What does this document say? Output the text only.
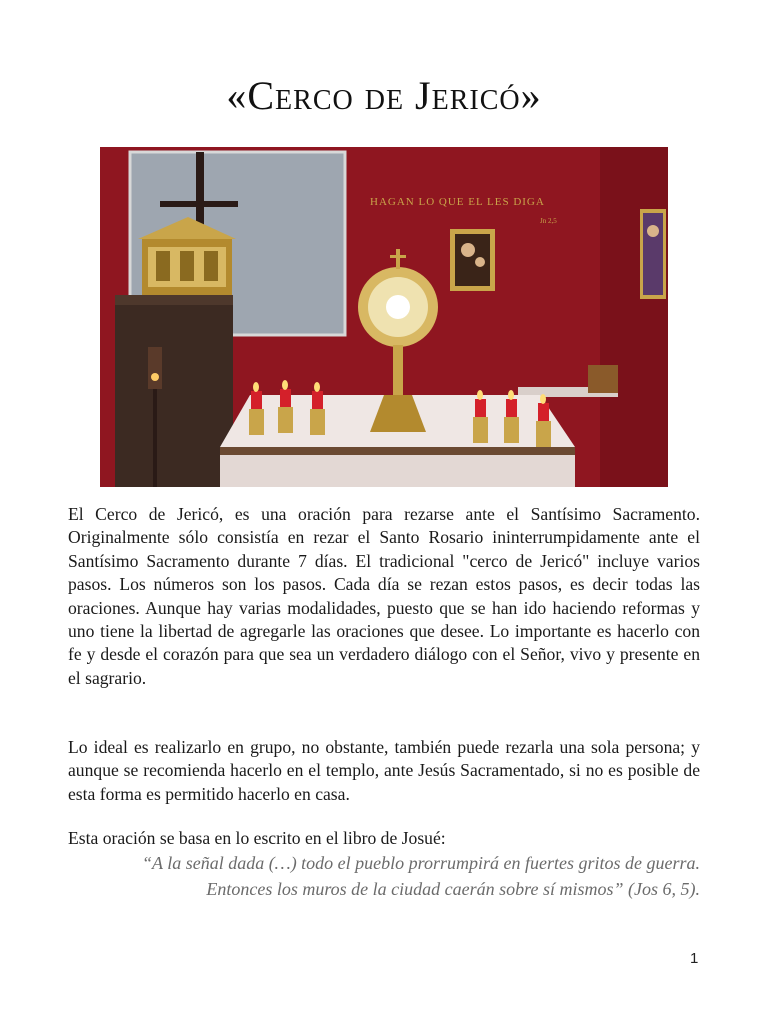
«Cerco de Jericó»
HAGAN LO QUE EL LES DIGA
Jn 2,5

El Cerco de Jericó, es una oración para rezarse ante el Santísimo Sacramento. Originalmente sólo consistía en rezar el Santo Rosario ininterrumpidamente ante el Santísimo Sacramento durante 7 días. El tradicional "cerco de Jericó" incluye varios pasos. Los números son los pasos. Cada día se rezan estos pasos, es decir todas las oraciones. Aunque hay varias modalidades, puesto que se han ido haciendo reformas y uno tiene la libertad de agregarle las oraciones que desee. Lo importante es hacerlo con fe y desde el corazón para que sea un verdadero diálogo con el Señor, vivo y presente en el sagrario.

Lo ideal es realizarlo en grupo, no obstante, también puede rezarla una sola persona; y aunque se recomienda hacerlo en el templo, ante Jesús Sacramentado, si no es posible de esta forma es permitido hacerlo en casa.

Esta oración se basa en lo escrito en el libro de Josué:

“A la señal dada (…) todo el pueblo prorrumpirá en fuertes gritos de guerra.

Entonces los muros de la ciudad caerán sobre sí mismos” (Jos 6, 5).

1
